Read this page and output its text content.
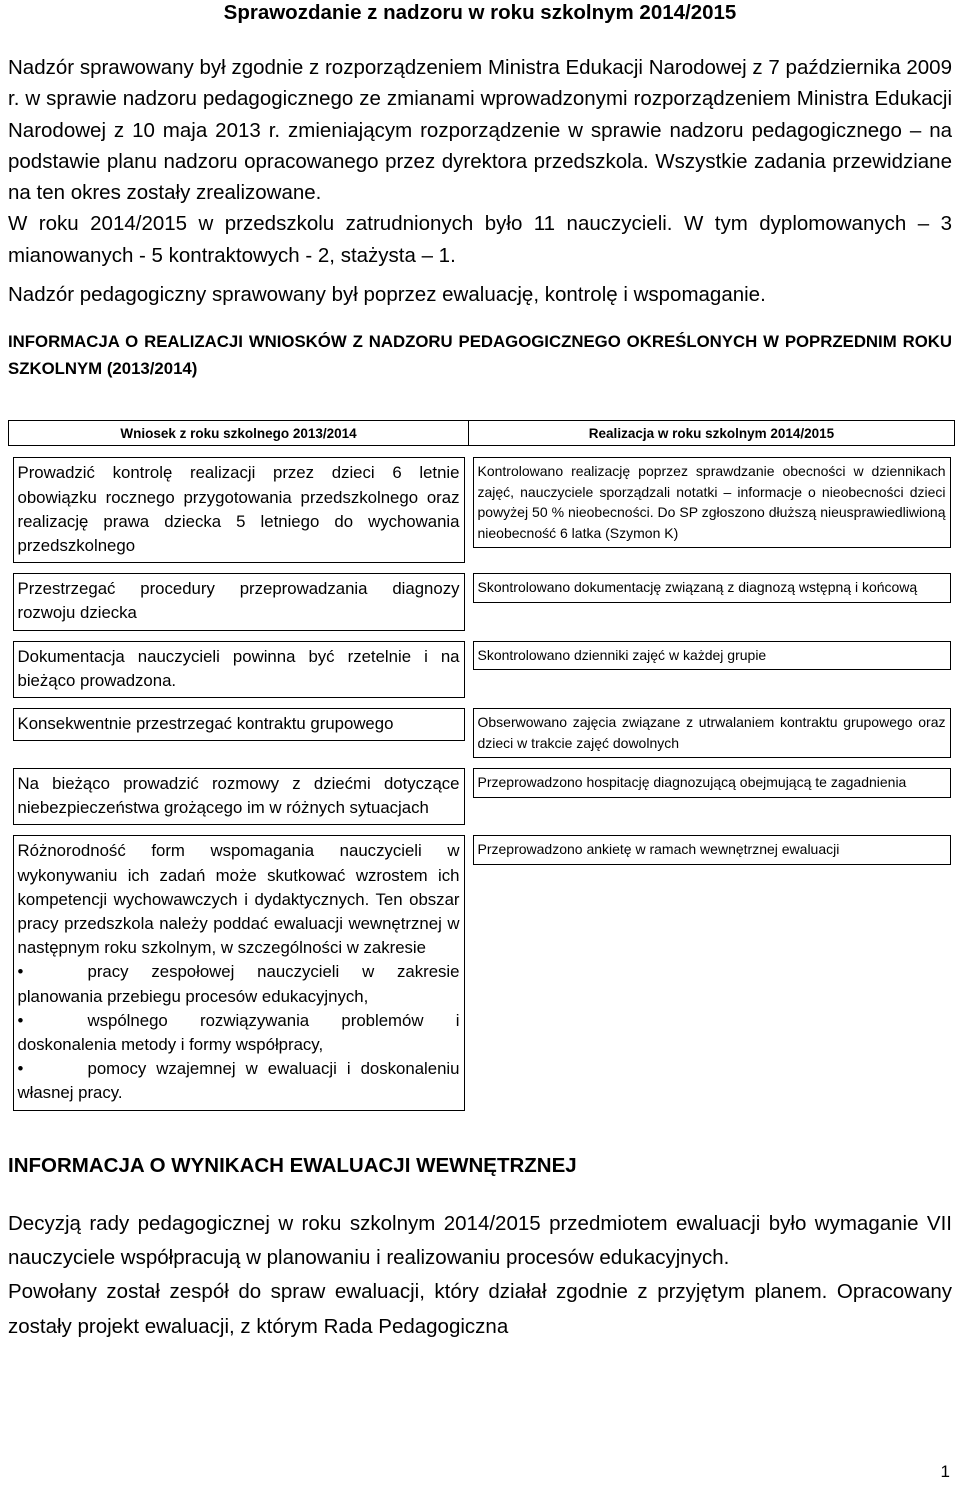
Sprawozdanie z nadzoru w roku szkolnym 2014/2015

Nadzór sprawowany był zgodnie z rozporządzeniem Ministra Edukacji Narodowej z 7 października 2009 r. w sprawie nadzoru pedagogicznego ze zmianami wprowadzonymi rozporządzeniem Ministra Edukacji Narodowej z 10 maja 2013 r. zmieniającym rozporządzenie w sprawie nadzoru pedagogicznego – na podstawie planu nadzoru opracowanego przez dyrektora przedszkola. Wszystkie zadania przewidziane na ten okres zostały zrealizowane.

W roku 2014/2015 w przedszkolu zatrudnionych było 11 nauczycieli. W tym dyplomowanych – 3 mianowanych - 5 kontraktowych - 2, stażysta – 1.

Nadzór pedagogiczny sprawowany był poprzez ewaluację, kontrolę i wspomaganie.

INFORMACJA O REALIZACJI WNIOSKÓW Z NADZORU PEDAGOGICZNEGO OKREŚLONYCH W POPRZEDNIM ROKU SZKOLNYM (2013/2014)
Wniosek z roku szkolnego 2013/2014	Realizacja w roku szkolnym 2014/2015

Prowadzić kontrolę realizacji przez dzieci 6 letnie obowiązku rocznego przygotowania przedszkolnego oraz realizację prawa dziecka 5 letniego do wychowania przedszkolnego	Kontrolowano realizację poprzez sprawdzanie obecności w dziennikach zajęć, nauczyciele sporządzali notatki – informacje o nieobecności dzieci powyżej 50 % nieobecności. Do SP zgłoszono dłuższą nieusprawiedliwioną nieobecność 6 latka (Szymon K)

Przestrzegać procedury przeprowadzania diagnozy rozwoju dziecka	Skontrolowano dokumentację związaną z diagnozą wstępną i końcową

Dokumentacja nauczycieli powinna być rzetelnie i na bieżąco prowadzona.	Skontrolowano dzienniki zajęć w każdej grupie

Konsekwentnie przestrzegać kontraktu grupowego	Obserwowano zajęcia związane z utrwalaniem kontraktu grupowego oraz dzieci w trakcie zajęć dowolnych

Na bieżąco prowadzić rozmowy z dziećmi dotyczące niebezpieczeństwa grożącego im w różnych sytuacjach	Przeprowadzono hospitację diagnozującą obejmującą te zagadnienia

Różnorodność form wspomagania nauczycieli w wykonywaniu ich zadań może skutkować wzrostem ich kompetencji wychowawczych i dydaktycznych. Ten obszar pracy przedszkola należy poddać ewaluacji wewnętrznej w następnym roku szkolnym, w szczególności w zakresie
• pracy zespołowej nauczycieli w zakresie planowania przebiegu procesów edukacyjnych,
• wspólnego rozwiązywania problemów i doskonalenia metody i formy współpracy,
• pomocy wzajemnej w ewaluacji i doskonaleniu własnej pracy.	Przeprowadzono ankietę w ramach wewnętrznej ewaluacji
INFORMACJA O WYNIKACH EWALUACJI WEWNĘTRZNEJ

Decyzją rady pedagogicznej w roku szkolnym 2014/2015 przedmiotem ewaluacji było wymaganie VII nauczyciele współpracują w planowaniu i realizowaniu procesów edukacyjnych.

Powołany został zespół do spraw ewaluacji, który działał zgodnie z przyjętym planem. Opracowany zostały projekt ewaluacji, z którym Rada Pedagogiczna

1
